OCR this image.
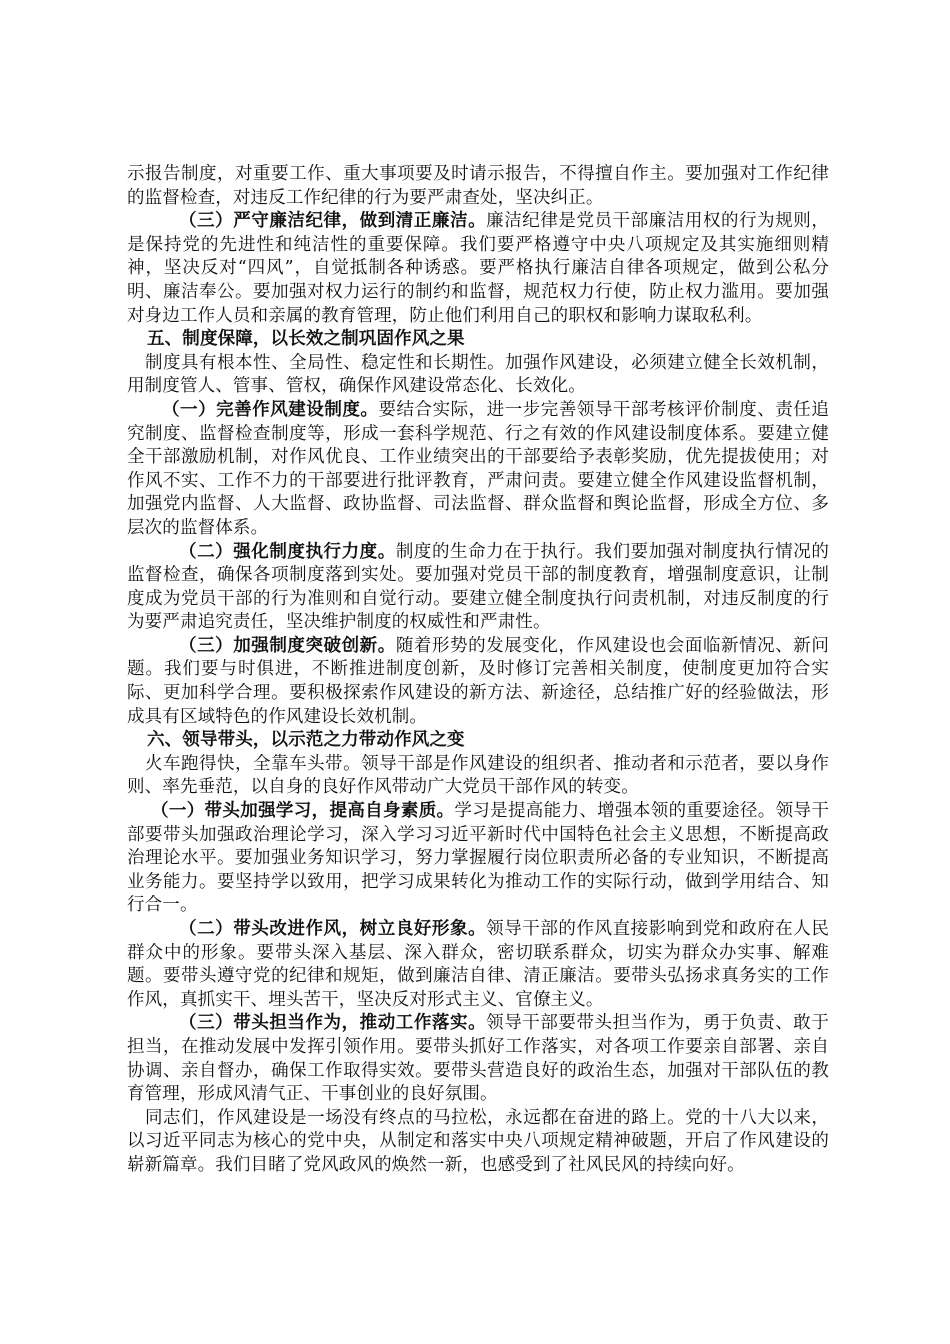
示报告制度，对重要工作、重大事项要及时请示报告，不得擅自作主。要加强对工作纪律的监督检查，对违反工作纪律的行为要严肃查处，坚决纠正。

（三）严守廉洁纪律，做到清正廉洁。廉洁纪律是党员干部廉洁用权的行为规则，是保持党的先进性和纯洁性的重要保障。我们要严格遵守中央八项规定及其实施细则精神，坚决反对“四风”，自觉抵制各种诱惑。要严格执行廉洁自律各项规定，做到公私分明、廉洁奉公。要加强对权力运行的制约和监督，规范权力行使，防止权力滥用。要加强对身边工作人员和亲属的教育管理，防止他们利用自己的职权和影响力谋取私利。

五、制度保障，以长效之制巩固作风之果

制度具有根本性、全局性、稳定性和长期性。加强作风建设，必须建立健全长效机制，用制度管人、管事、管权，确保作风建设常态化、长效化。

（一）完善作风建设制度。要结合实际，进一步完善领导干部考核评价制度、责任追究制度、监督检查制度等，形成一套科学规范、行之有效的作风建设制度体系。要建立健全干部激励机制，对作风优良、工作业绩突出的干部要给予表彰奖励，优先提拔使用；对作风不实、工作不力的干部要进行批评教育，严肃问责。要建立健全作风建设监督机制，加强党内监督、人大监督、政协监督、司法监督、群众监督和舆论监督，形成全方位、多层次的监督体系。

（二）强化制度执行力度。制度的生命力在于执行。我们要加强对制度执行情况的监督检查，确保各项制度落到实处。要加强对党员干部的制度教育，增强制度意识，让制度成为党员干部的行为准则和自觉行动。要建立健全制度执行问责机制，对违反制度的行为要严肃追究责任，坚决维护制度的权威性和严肃性。

（三）加强制度突破创新。随着形势的发展变化，作风建设也会面临新情况、新问题。我们要与时俱进，不断推进制度创新，及时修订完善相关制度，使制度更加符合实际、更加科学合理。要积极探索作风建设的新方法、新途径，总结推广好的经验做法，形成具有区域特色的作风建设长效机制。

六、领导带头，以示范之力带动作风之变

火车跑得快，全靠车头带。领导干部是作风建设的组织者、推动者和示范者，要以身作则、率先垂范，以自身的良好作风带动广大党员干部作风的转变。

（一）带头加强学习，提高自身素质。学习是提高能力、增强本领的重要途径。领导干部要带头加强政治理论学习，深入学习习近平新时代中国特色社会主义思想，不断提高政治理论水平。要加强业务知识学习，努力掌握履行岗位职责所必备的专业知识，不断提高业务能力。要坚持学以致用，把学习成果转化为推动工作的实际行动，做到学用结合、知行合一。

（二）带头改进作风，树立良好形象。领导干部的作风直接影响到党和政府在人民群众中的形象。要带头深入基层、深入群众，密切联系群众，切实为群众办实事、解难题。要带头遵守党的纪律和规矩，做到廉洁自律、清正廉洁。要带头弘扬求真务实的工作作风，真抓实干、埋头苦干，坚决反对形式主义、官僚主义。

（三）带头担当作为，推动工作落实。领导干部要带头担当作为，勇于负责、敢于担当，在推动发展中发挥引领作用。要带头抓好工作落实，对各项工作要亲自部署、亲自协调、亲自督办，确保工作取得实效。要带头营造良好的政治生态，加强对干部队伍的教育管理，形成风清气正、干事创业的良好氛围。

同志们，作风建设是一场没有终点的马拉松，永远都在奋进的路上。党的十八大以来，以习近平同志为核心的党中央，从制定和落实中央八项规定精神破题，开启了作风建设的崭新篇章。我们目睹了党风政风的焕然一新，也感受到了社风民风的持续向好。
